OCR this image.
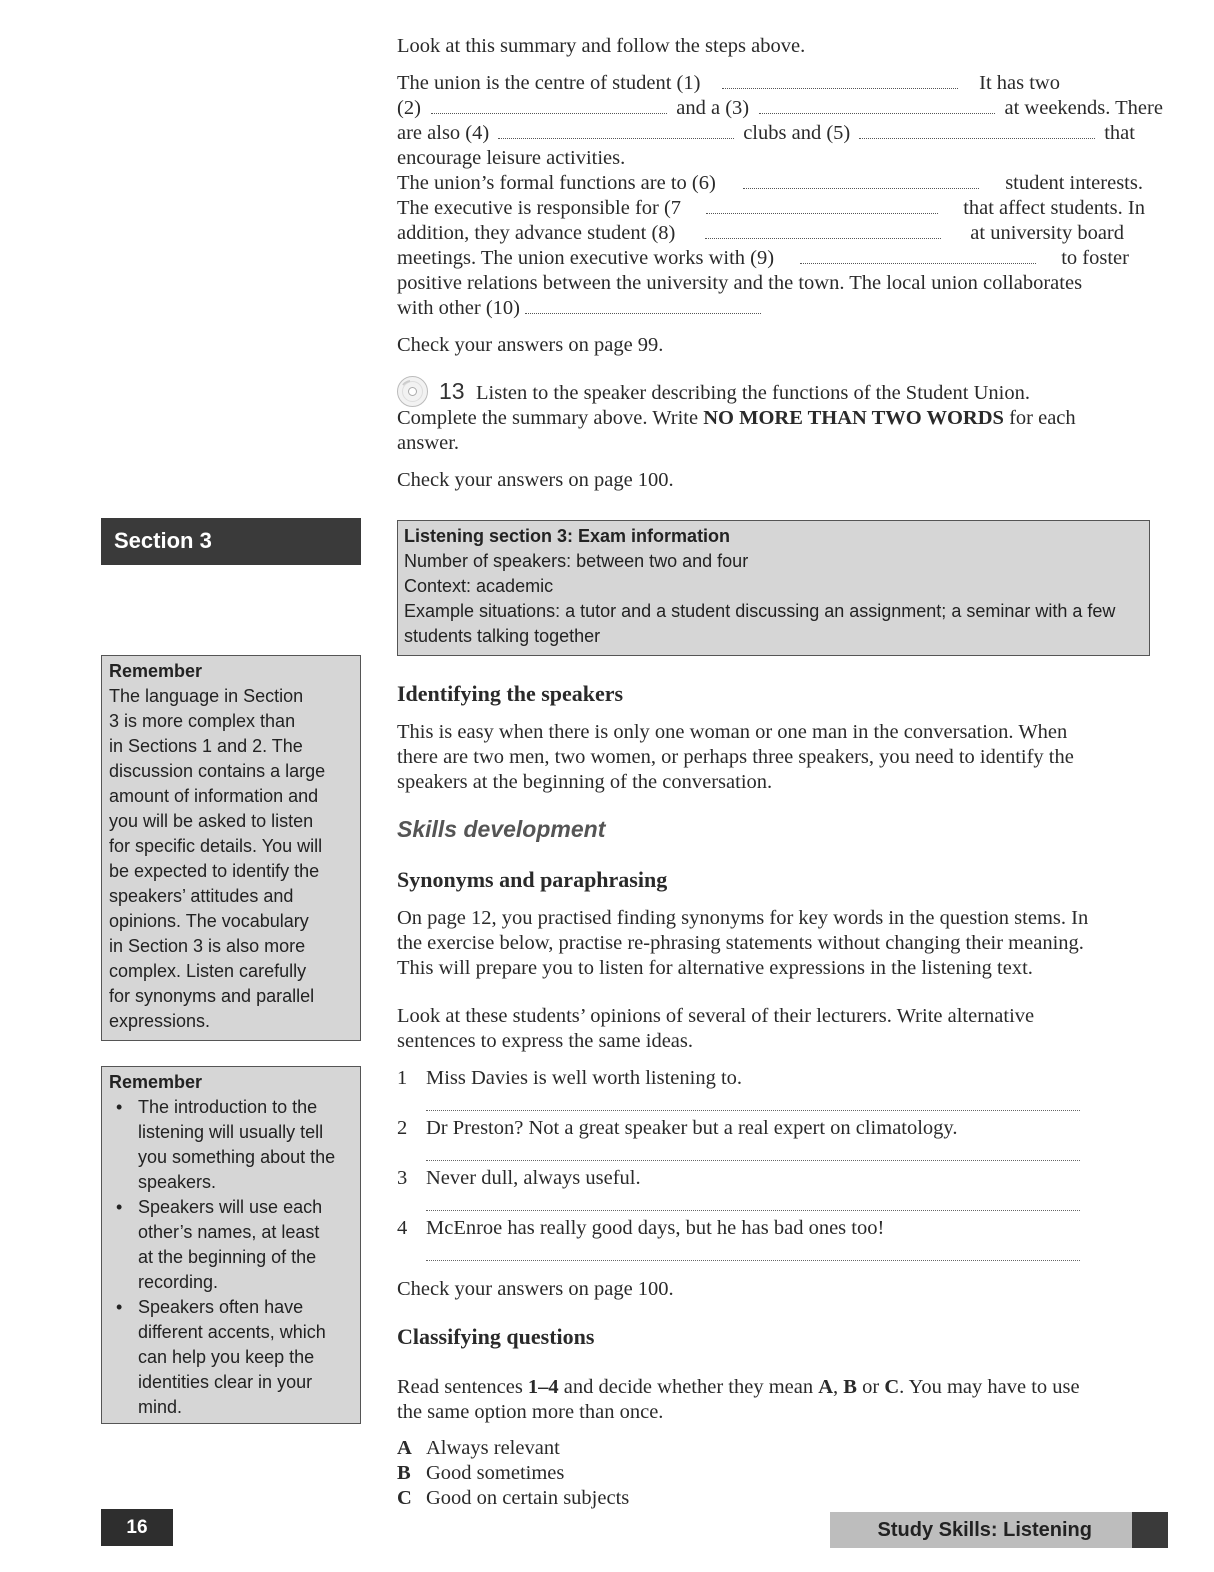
Look at this summary and follow the steps above.
The union is the centre of student (1)	It has two
(2)	and a (3)	at weekends. There
are also (4)	clubs and (5)	that
encourage leisure activities.
The union’s formal functions are to (6)	student interests.
The executive is responsible for (7	that affect students. In
addition, they advance student (8)	at university board
meetings. The union executive works with (9)	to foster
positive relations between the university and the town. The local union collaborates
with other (10)
Check your answers on page 99.
13 Listen to the speaker describing the functions of the Student Union.
Complete the summary above. Write NO MORE THAN TWO WORDS for each
answer.
Check your answers on page 100.
Section 3	Listening section 3: Exam information
Number of speakers: between two and four
Context: academic
Example situations: a tutor and a student discussing an assignment; a seminar with a few
students talking together
Remember
The language in Section
3 is more complex than
in Sections 1 and 2. The
discussion contains a large
amount of information and
you will be asked to listen
for specific details. You will
be expected to identify the
speakers’ attitudes and
opinions. The vocabulary
in Section 3 is also more
complex. Listen carefully
for synonyms and parallel
expressions.
Remember
• The introduction to the
listening will usually tell
you something about the
speakers.
• Speakers will use each
other’s names, at least
at the beginning of the
recording.
• Speakers often have
different accents, which
can help you keep the
identities clear in your
mind.
Identifying the speakers
This is easy when there is only one woman or one man in the conversation. When
there are two men, two women, or perhaps three speakers, you need to identify the
speakers at the beginning of the conversation.
Skills development
Synonyms and paraphrasing
On page 12, you practised finding synonyms for key words in the question stems. In
the exercise below, practise re-phrasing statements without changing their meaning.
This will prepare you to listen for alternative expressions in the listening text.
Look at these students’ opinions of several of their lecturers. Write alternative
sentences to express the same ideas.
1 Miss Davies is well worth listening to.
2 Dr Preston? Not a great speaker but a real expert on climatology.
3 Never dull, always useful.
4 McEnroe has really good days, but he has bad ones too!
Check your answers on page 100.
Classifying questions
Read sentences 1–4 and decide whether they mean A, B or C. You may have to use
the same option more than once.
A Always relevant
B Good sometimes
C Good on certain subjects
16	Study Skills: Listening
